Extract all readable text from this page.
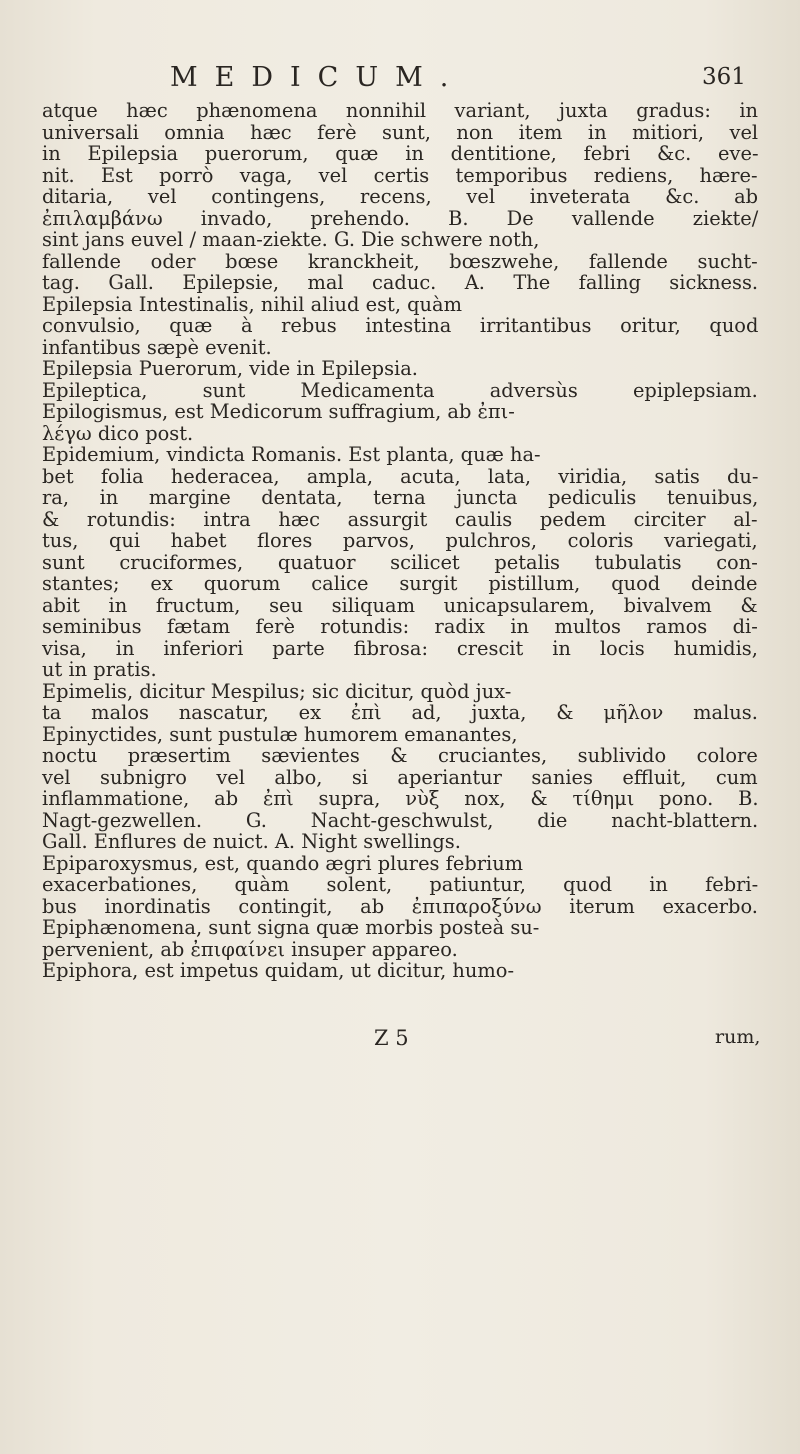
MEDICUM.	361
atque hæc phænomena nonnihil variant, juxta gradus: in
universali omnia hæc ferè sunt, non item in mitiori, vel
in Epilepsia puerorum, quæ in dentitione, febri &c. eve-
nit. Est porrò vaga, vel certis temporibus rediens, hære-
ditaria, vel contingens, recens, vel inveterata &c. ab
ἐπιλαμβάνω invado, prehendo. B. De vallende ziekte/
sint jans euvel / maan-ziekte. G. Die schwere noth,
fallende oder bœse kranckheit, bœszwehe, fallende sucht-
tag. Gall. Epilepsie, mal caduc. A. The falling sickness.
Epilepsia Intestinalis, nihil aliud est, quàm
convulsio, quæ à rebus intestina irritantibus oritur, quod
infantibus sæpè evenit.
Epilepsia Puerorum, vide in Epilepsia.
Epileptica, sunt Medicamenta adversùs epiplepsiam.
Epilogismus, est Medicorum suffragium, ab ἐπι-
λέγω dico post.
Epidemium, vindicta Romanis. Est planta, quæ ha-
bet folia hederacea, ampla, acuta, lata, viridia, satis du-
ra, in margine dentata, terna juncta pediculis tenuibus,
& rotundis: intra hæc assurgit caulis pedem circiter al-
tus, qui habet flores parvos, pulchros, coloris variegati,
sunt cruciformes, quatuor scilicet petalis tubulatis con-
stantes; ex quorum calice surgit pistillum, quod deinde
abit in fructum, seu siliquam unicapsularem, bivalvem &
seminibus fætam ferè rotundis: radix in multos ramos di-
visa, in inferiori parte fibrosa: crescit in locis humidis,
ut in pratis.
Epimelis, dicitur Mespilus; sic dicitur, quòd jux-
ta malos nascatur, ex ἐπὶ ad, juxta, & μῆλον malus.
Epinyctides, sunt pustulæ humorem emanantes,
noctu præsertim sævientes & cruciantes, sublivido colore
vel subnigro vel albo, si aperiantur sanies effluit, cum
inflammatione, ab ἐπὶ supra, νὺξ nox, & τίθημι pono. B.
Nagt-gezwellen. G. Nacht-geschwulst, die nacht-blattern.
Gall. Enflures de nuict. A. Night swellings.
Epiparoxysmus, est, quando ægri plures febrium
exacerbationes, quàm solent, patiuntur, quod in febri-
bus inordinatis contingit, ab ἐπιπαροξύνω iterum exacerbo.
Epiphænomena, sunt signa quæ morbis posteà su-
pervenient, ab ἐπιφαίνει insuper appareo.
Epiphora, est impetus quidam, ut dicitur, humo-
Z 5	rum,
